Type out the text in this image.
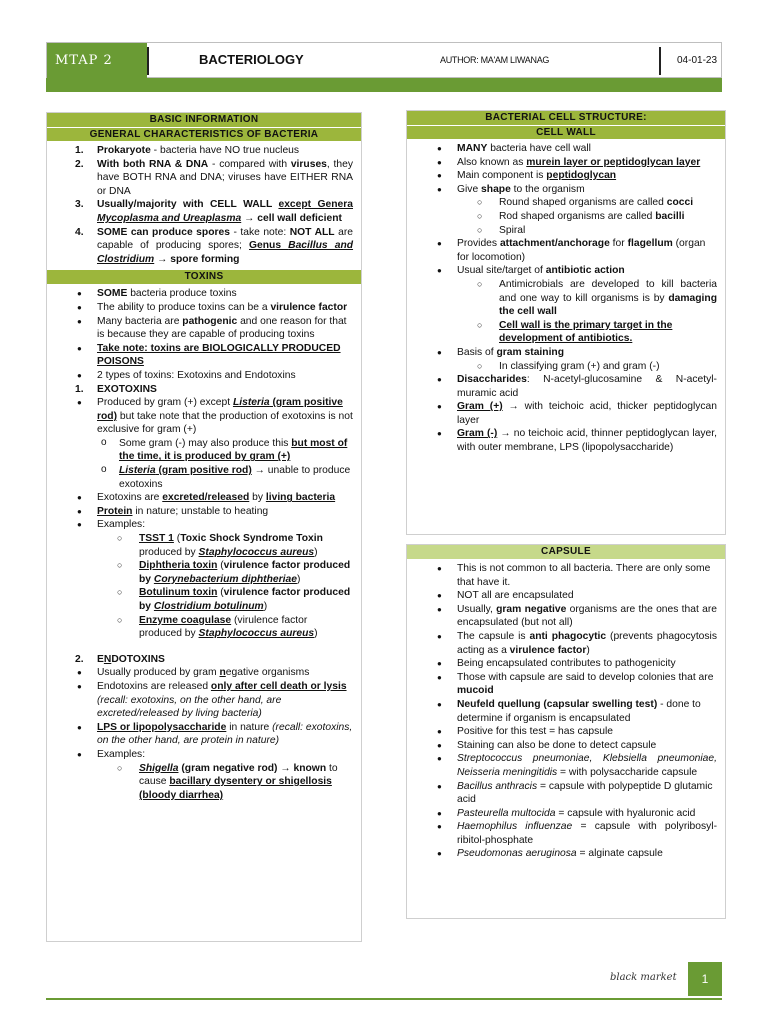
MTAP 2	BACTERIOLOGY	AUTHOR: MA'AM LIWANAG	04-01-23
BASIC INFORMATION
GENERAL CHARACTERISTICS OF BACTERIA
1. Prokaryote - bacteria have NO true nucleus
2. With both RNA & DNA - compared with viruses, they have BOTH RNA and DNA; viruses have EITHER RNA or DNA
3. Usually/majority with CELL WALL except Genera Mycoplasma and Ureaplasma → cell wall deficient
4. SOME can produce spores - take note: NOT ALL are capable of producing spores; Genus Bacillus and Clostridium → spore forming
TOXINS
● SOME bacteria produce toxins
● The ability to produce toxins can be a virulence factor
● Many bacteria are pathogenic and one reason for that is because they are capable of producing toxins
● Take note: toxins are BIOLOGICALLY PRODUCED POISONS
● 2 types of toxins: Exotoxins and Endotoxins
1. EXOTOXINS
● Produced by gram (+) except Listeria (gram positive rod) but take note that the production of exotoxins is not exclusive for gram (+)
o Some gram (-) may also produce this but most of the time, it is produced by gram (+)
o Listeria (gram positive rod) → unable to produce exotoxins
● Exotoxins are excreted/released by living bacteria
● Protein in nature; unstable to heating
● Examples:
○ TSST 1 (Toxic Shock Syndrome Toxin produced by Staphylococcus aureus)
○ Diphtheria toxin (virulence factor produced by Corynebacterium diphtheriae)
○ Botulinum toxin (virulence factor produced by Clostridium botulinum)
○ Enzyme coagulase (virulence factor produced by Staphylococcus aureus)
2. ENDOTOXINS
● Usually produced by gram negative organisms
● Endotoxins are released only after cell death or lysis (recall: exotoxins, on the other hand, are excreted/released by living bacteria)
● LPS or lipopolysaccharide in nature (recall: exotoxins, on the other hand, are protein in nature)
● Examples:
○ Shigella (gram negative rod) → known to cause bacillary dysentery or shigellosis (bloody diarrhea)
BACTERIAL CELL STRUCTURE:
CELL WALL
● MANY bacteria have cell wall
● Also known as murein layer or peptidoglycan layer
● Main component is peptidoglycan
● Give shape to the organism
○ Round shaped organisms are called cocci
○ Rod shaped organisms are called bacilli
○ Spiral
● Provides attachment/anchorage for flagellum (organ for locomotion)
● Usual site/target of antibiotic action
○ Antimicrobials are developed to kill bacteria and one way to kill organisms is by damaging the cell wall
○ Cell wall is the primary target in the development of antibiotics.
● Basis of gram staining
○ In classifying gram (+) and gram (-)
● Disaccharides: N-acetyl-glucosamine & N-acetyl-muramic acid
● Gram (+) → with teichoic acid, thicker peptidoglycan layer
● Gram (-) → no teichoic acid, thinner peptidoglycan layer, with outer membrane, LPS (lipopolysaccharide)
CAPSULE
● This is not common to all bacteria. There are only some that have it.
● NOT all are encapsulated
● Usually, gram negative organisms are the ones that are encapsulated (but not all)
● The capsule is anti phagocytic (prevents phagocytosis acting as a virulence factor)
● Being encapsulated contributes to pathogenicity
● Those with capsule are said to develop colonies that are mucoid
● Neufeld quellung (capsular swelling test) - done to determine if organism is encapsulated
● Positive for this test = has capsule
● Staining can also be done to detect capsule
● Streptococcus pneumoniae, Klebsiella pneumoniae, Neisseria meningitidis = with polysaccharide capsule
● Bacillus anthracis = capsule with polypeptide D glutamic acid
● Pasteurella multocida = capsule with hyaluronic acid
● Haemophilus influenzae = capsule with polyribosyl-ribitol-phosphate
● Pseudomonas aeruginosa = alginate capsule
black market	1
